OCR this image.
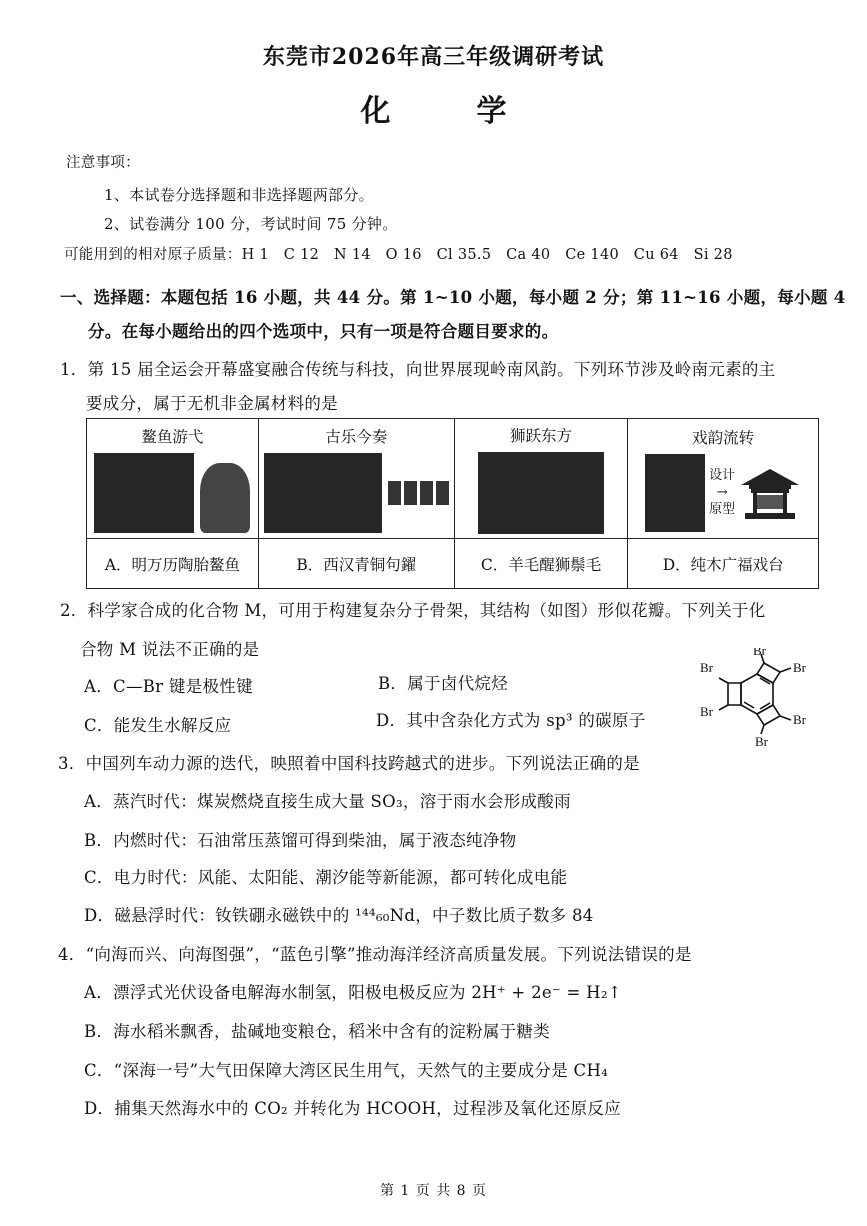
东莞市2026年高三年级调研考试
化　学
注意事项：
1、本试卷分选择题和非选择题两部分。
2、试卷满分 100 分，考试时间 75 分钟。
可能用到的相对原子质量：H 1　C 12　N 14　O 16　Cl 35.5　Ca 40　Ce 140　Cu 64　Si 28
一、选择题：本题包括 16 小题，共 44 分。第 1~10 小题，每小题 2 分；第 11~16 小题，每小题 4
分。在每小题给出的四个选项中，只有一项是符合题目要求的。
1．第 15 届全运会开幕盛宴融合传统与科技，向世界展现岭南风韵。下列环节涉及岭南元素的主
要成分，属于无机非金属材料的是
鳌鱼游弋	古乐今奏	狮跃东方	戏韵流转
设计
→
原型

A．明万历陶胎鳌鱼	B．西汉青铜句鑃	C．羊毛醒狮鬃毛	D．纯木广福戏台
2．科学家合成的化合物 M，可用于构建复杂分子骨架，其结构（如图）形似花瓣。下列关于化
合物 M 说法不正确的是
A．C—Br 键是极性键	B．属于卤代烷烃
C．能发生水解反应	D．其中含杂化方式为 sp³ 的碳原子
Br
Br
Br
Br
Br
Br
3．中国列车动力源的迭代，映照着中国科技跨越式的进步。下列说法正确的是
A．蒸汽时代：煤炭燃烧直接生成大量 SO₃，溶于雨水会形成酸雨
B．内燃时代：石油常压蒸馏可得到柴油，属于液态纯净物
C．电力时代：风能、太阳能、潮汐能等新能源，都可转化成电能
D．磁悬浮时代：钕铁硼永磁铁中的 ¹⁴⁴₆₀Nd，中子数比质子数多 84
4．“向海而兴、向海图强”，“蓝色引擎”推动海洋经济高质量发展。下列说法错误的是
A．漂浮式光伏设备电解海水制氢，阳极电极反应为 2H⁺ + 2e⁻ = H₂↑
B．海水稻米飘香，盐碱地变粮仓，稻米中含有的淀粉属于糖类
C．“深海一号”大气田保障大湾区民生用气，天然气的主要成分是 CH₄
D．捕集天然海水中的 CO₂ 并转化为 HCOOH，过程涉及氧化还原反应
第 1 页 共 8 页
